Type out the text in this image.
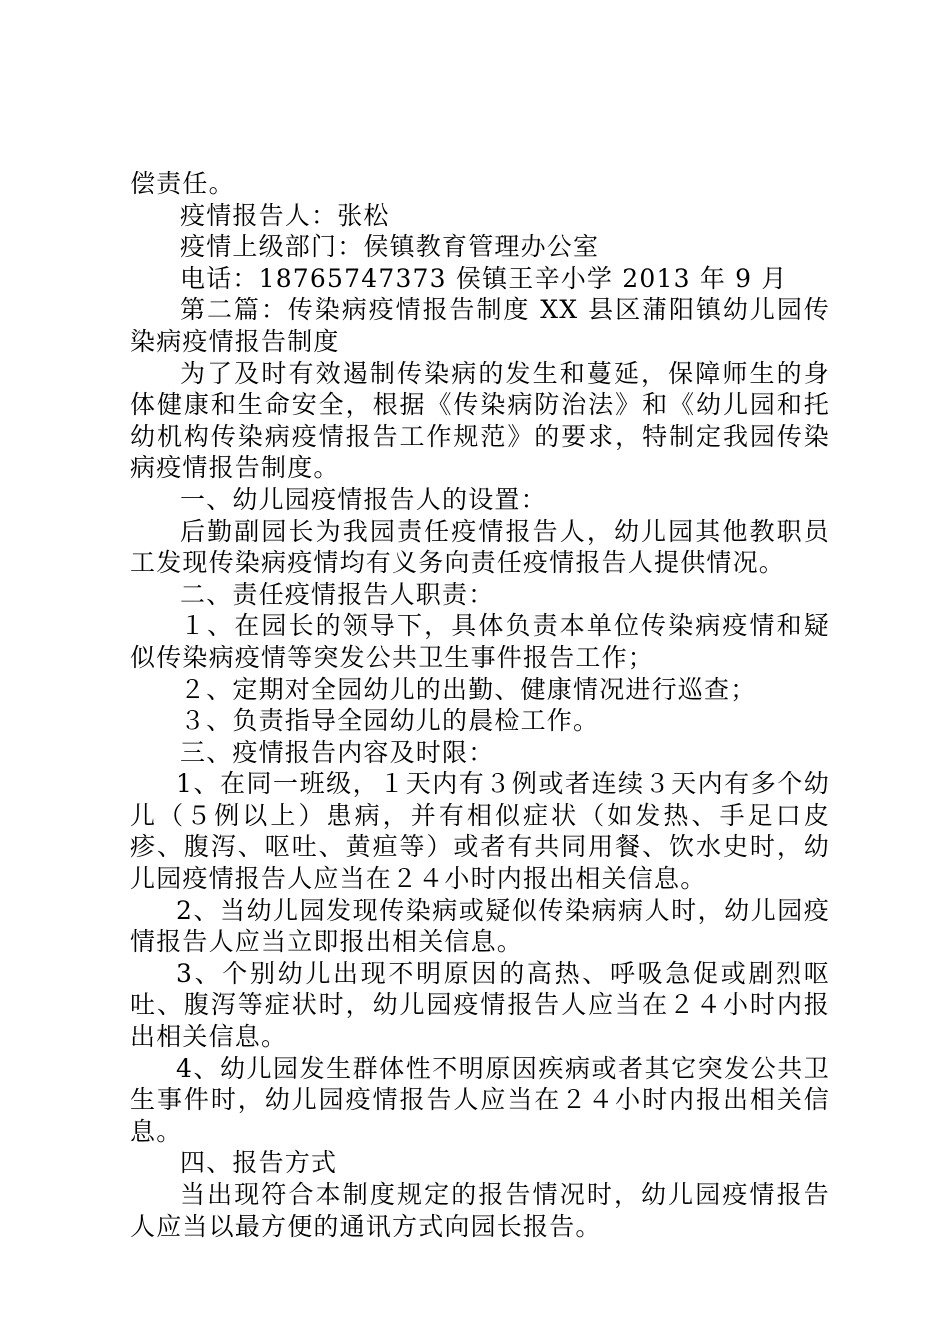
偿责任。

疫情报告人：张松

疫情上级部门：侯镇教育管理办公室

电话：18765747373 侯镇王辛小学 2013 年 9 月

第二篇：传染病疫情报告制度 XX 县区蒲阳镇幼儿园传染病疫情报告制度

为了及时有效遏制传染病的发生和蔓延，保障师生的身体健康和生命安全，根据《传染病防治法》和《幼儿园和托幼机构传染病疫情报告工作规范》的要求，特制定我园传染病疫情报告制度。

一、幼儿园疫情报告人的设置：

后勤副园长为我园责任疫情报告人，幼儿园其他教职员工发现传染病疫情均有义务向责任疫情报告人提供情况。

二、责任疫情报告人职责：

１、在园长的领导下，具体负责本单位传染病疫情和疑似传染病疫情等突发公共卫生事件报告工作；

２、定期对全园幼儿的出勤、健康情况进行巡查；

３、负责指导全园幼儿的晨检工作。

三、疫情报告内容及时限：

1、在同一班级，１天内有３例或者连续３天内有多个幼儿（５例以上）患病，并有相似症状（如发热、手足口皮疹、腹泻、呕吐、黄疸等）或者有共同用餐、饮水史时，幼儿园疫情报告人应当在２４小时内报出相关信息。

2、当幼儿园发现传染病或疑似传染病病人时，幼儿园疫情报告人应当立即报出相关信息。

3、个别幼儿出现不明原因的高热、呼吸急促或剧烈呕吐、腹泻等症状时，幼儿园疫情报告人应当在２４小时内报出相关信息。

4、幼儿园发生群体性不明原因疾病或者其它突发公共卫生事件时，幼儿园疫情报告人应当在２４小时内报出相关信息。

四、报告方式

当出现符合本制度规定的报告情况时，幼儿园疫情报告人应当以最方便的通讯方式向园长报告。
